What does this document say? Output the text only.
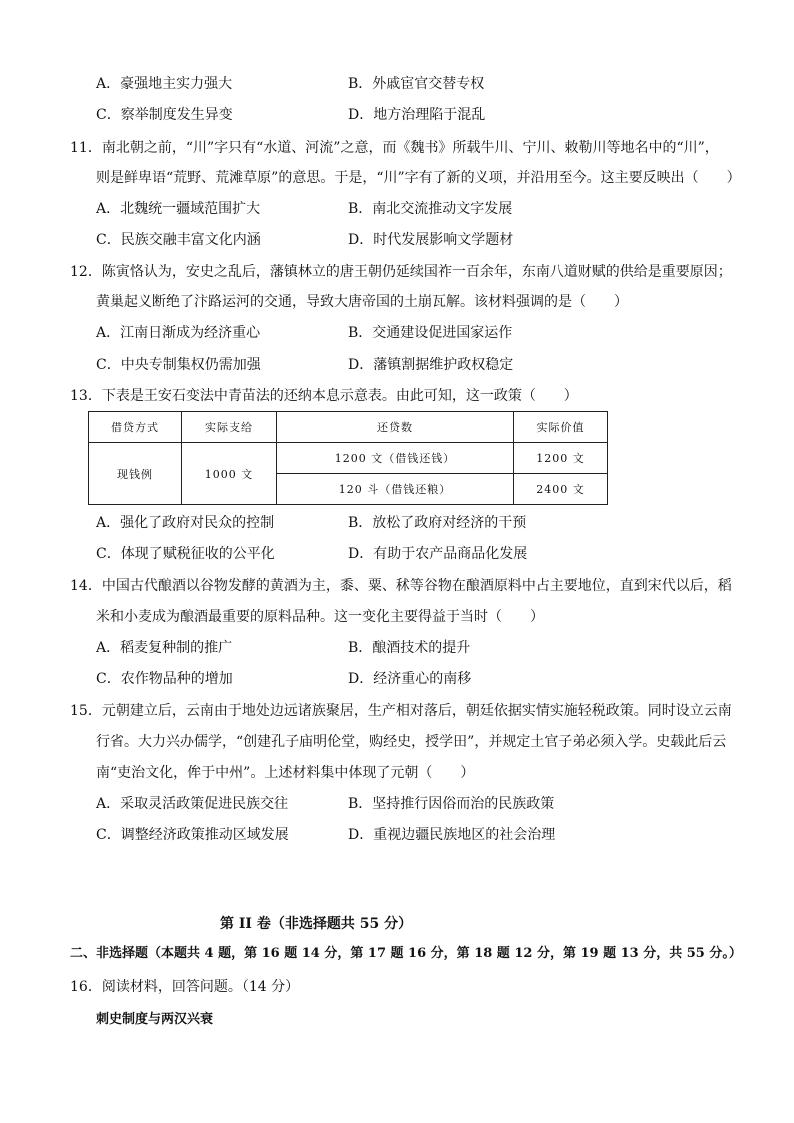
A．豪强地主实力强大	B．外戚宦官交替专权
C．察举制度发生异变	D．地方治理陷于混乱
11．南北朝之前，“川”字只有“水道、河流”之意，而《魏书》所载牛川、宁川、敕勒川等地名中的“川”，
则是鲜卑语“荒野、荒滩草原”的意思。于是，“川”字有了新的义项，并沿用至今。这主要反映出（　　）
A．北魏统一疆域范围扩大	B．南北交流推动文字发展
C．民族交融丰富文化内涵	D．时代发展影响文学题材
12．陈寅恪认为，安史之乱后，藩镇林立的唐王朝仍延续国祚一百余年，东南八道财赋的供给是重要原因；
黄巢起义断绝了汴路运河的交通，导致大唐帝国的土崩瓦解。该材料强调的是（　　）
A．江南日渐成为经济重心	B．交通建设促进国家运作
C．中央专制集权仍需加强	D．藩镇割据维护政权稳定
13．下表是王安石变法中青苗法的还纳本息示意表。由此可知，这一政策（　　）
借贷方式	实际支给	还贷数	实际价值
现钱例	1000 文	1200 文（借钱还钱）	1200 文
		120 斗（借钱还粮）	2400 文
A．强化了政府对民众的控制	B．放松了政府对经济的干预
C．体现了赋税征收的公平化	D．有助于农产品商品化发展
14．中国古代酿酒以谷物发酵的黄酒为主，黍、粟、秫等谷物在酿酒原料中占主要地位，直到宋代以后，稻
米和小麦成为酿酒最重要的原料品种。这一变化主要得益于当时（　　）
A．稻麦复种制的推广	B．酿酒技术的提升
C．农作物品种的增加	D．经济重心的南移
15．元朝建立后，云南由于地处边远诸族聚居，生产相对落后，朝廷依据实情实施轻税政策。同时设立云南
行省。大力兴办儒学，“创建孔子庙明伦堂，购经史，授学田”，并规定土官子弟必须入学。史载此后云
南“吏治文化，侔于中州”。上述材料集中体现了元朝（　　）
A．采取灵活政策促进民族交往	B．坚持推行因俗而治的民族政策
C．调整经济政策推动区域发展	D．重视边疆民族地区的社会治理
第 II 卷（非选择题共 55 分）
二、非选择题（本题共 4 题，第 16 题 14 分，第 17 题 16 分，第 18 题 12 分，第 19 题 13 分，共 55 分。）
16．阅读材料，回答问题。（14 分）
刺史制度与两汉兴衰
